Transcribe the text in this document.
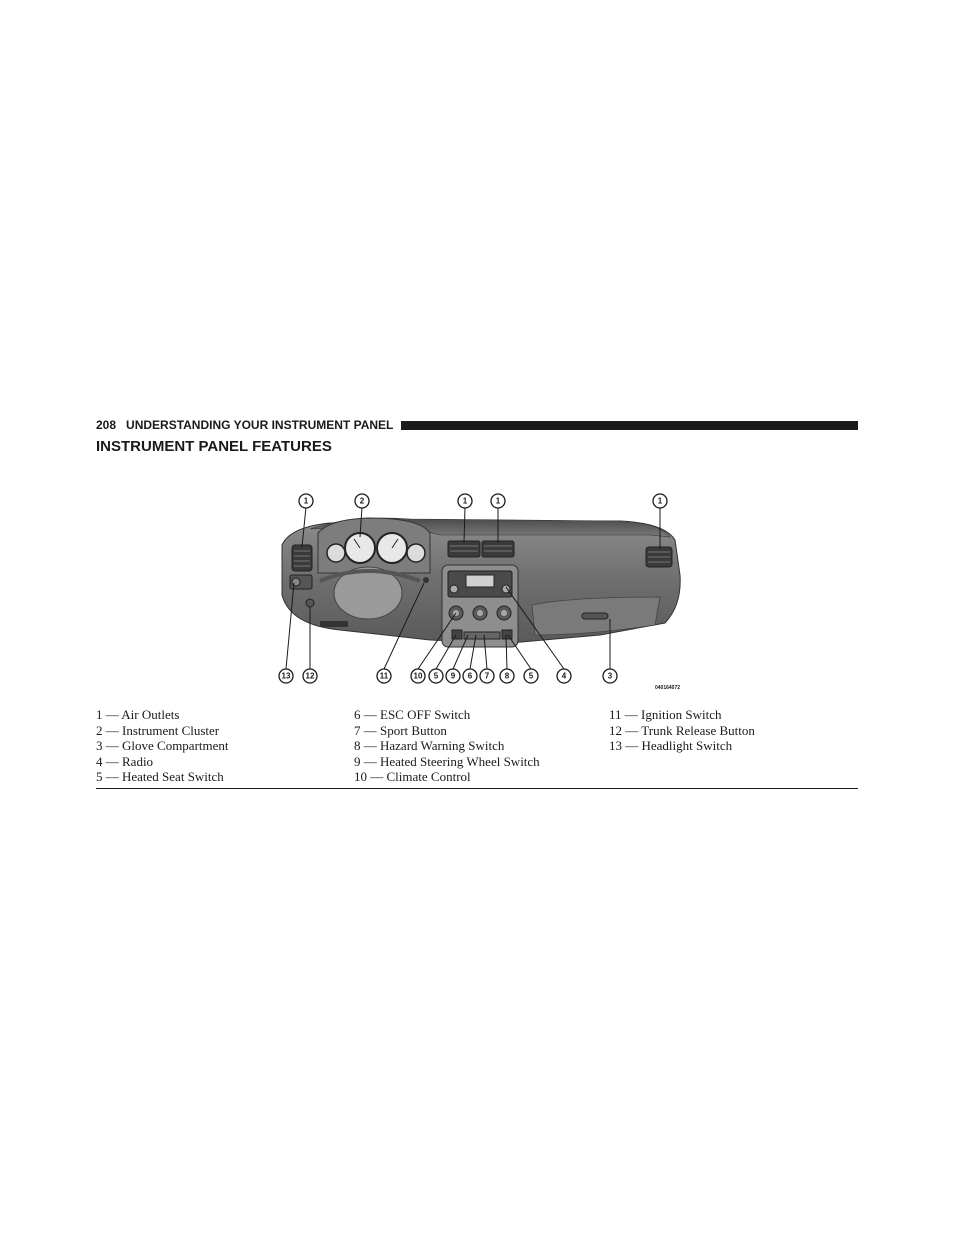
208 UNDERSTANDING YOUR INSTRUMENT PANEL
INSTRUMENT PANEL FEATURES
1	2	1	1	1
13 12	11	10 5 9 6 7 8 5	4	3
040164072
1 — Air Outlets
2 — Instrument Cluster
3 — Glove Compartment
4 — Radio
5 — Heated Seat Switch
6 — ESC OFF Switch
7 — Sport Button
8 — Hazard Warning Switch
9 — Heated Steering Wheel Switch
10 — Climate Control
11 — Ignition Switch
12 — Trunk Release Button
13 — Headlight Switch
